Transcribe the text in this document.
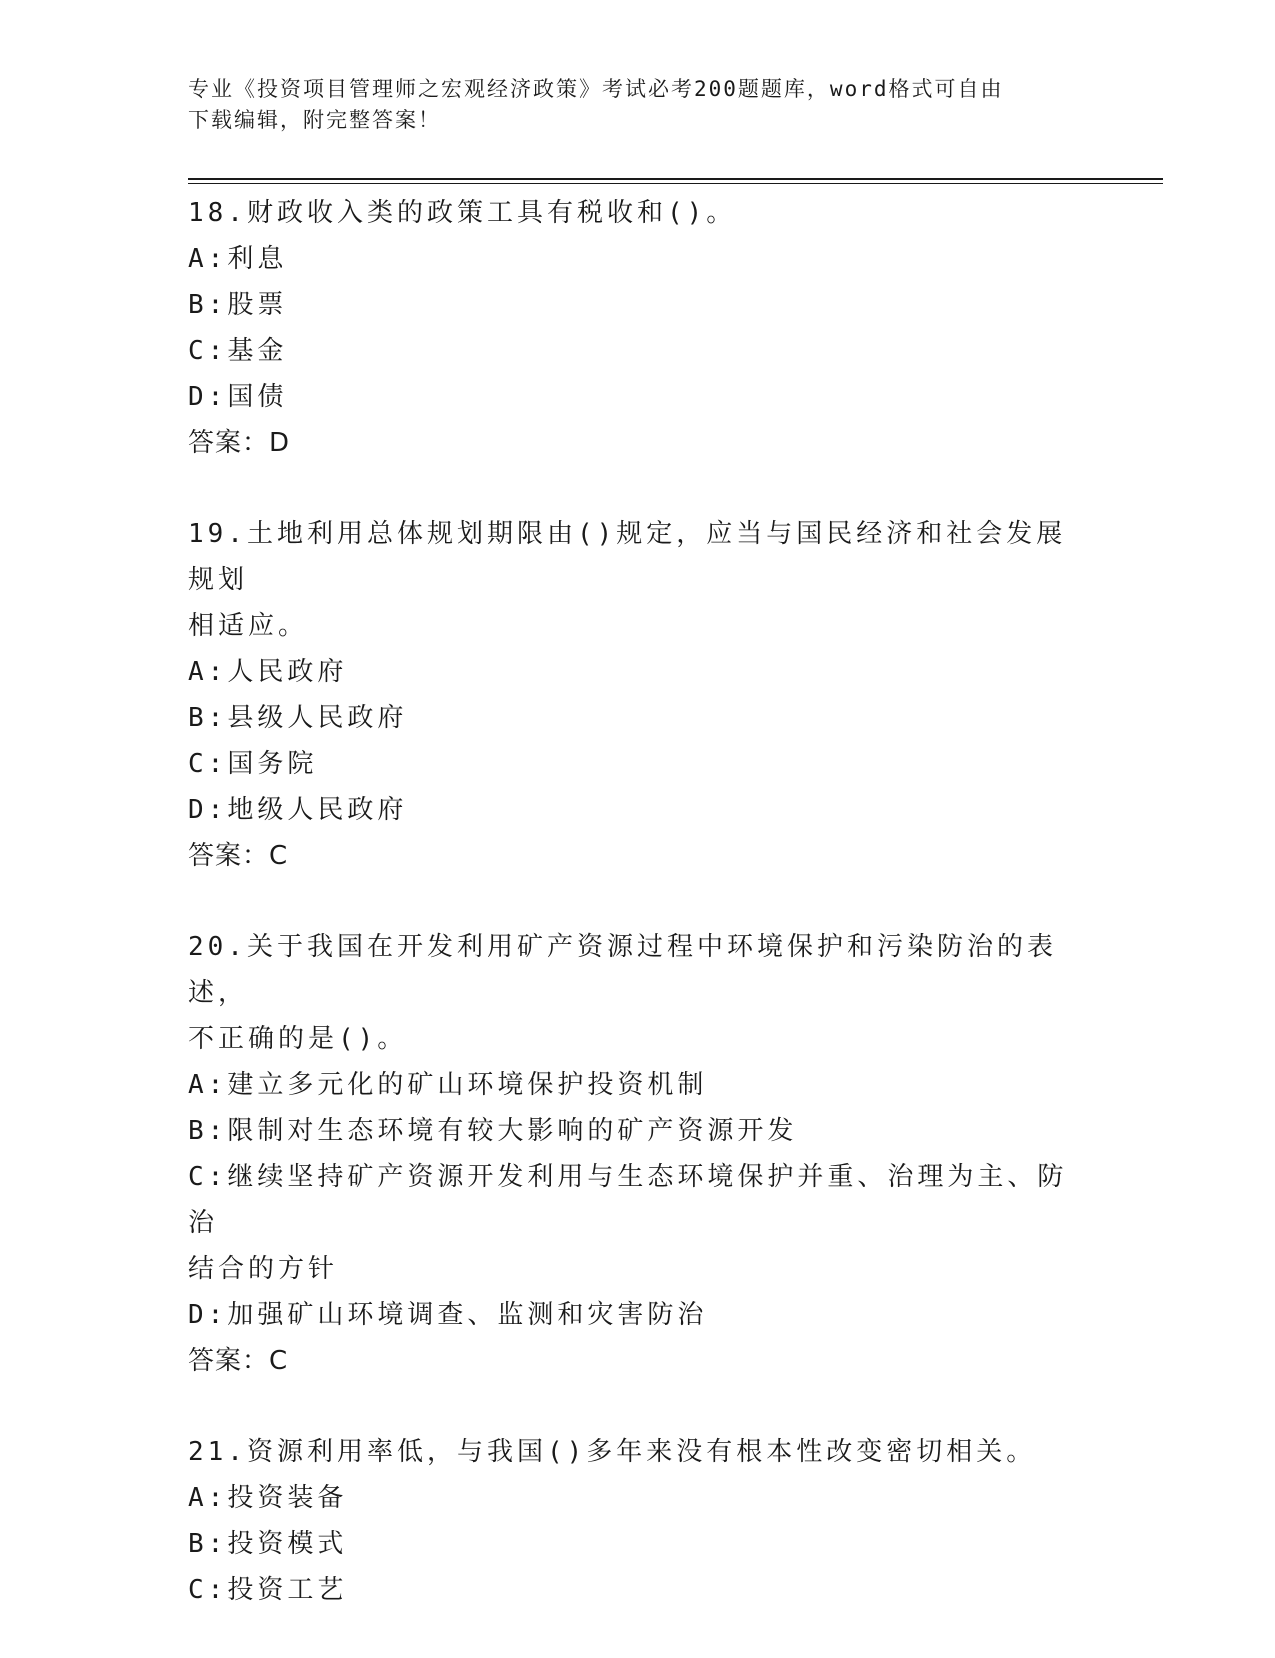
专业《投资项目管理师之宏观经济政策》考试必考200题题库，word格式可自由
下载编辑，附完整答案！
18.财政收入类的政策工具有税收和()。
A:利息
B:股票
C:基金
D:国债
答案：D
19.土地利用总体规划期限由()规定，应当与国民经济和社会发展规划
相适应。
A:人民政府
B:县级人民政府
C:国务院
D:地级人民政府
答案：C
20.关于我国在开发利用矿产资源过程中环境保护和污染防治的表述，
不正确的是()。
A:建立多元化的矿山环境保护投资机制
B:限制对生态环境有较大影响的矿产资源开发
C:继续坚持矿产资源开发利用与生态环境保护并重、治理为主、防治
结合的方针
D:加强矿山环境调查、监测和灾害防治
答案：C
21.资源利用率低，与我国()多年来没有根本性改变密切相关。
A:投资装备
B:投资模式
C:投资工艺
